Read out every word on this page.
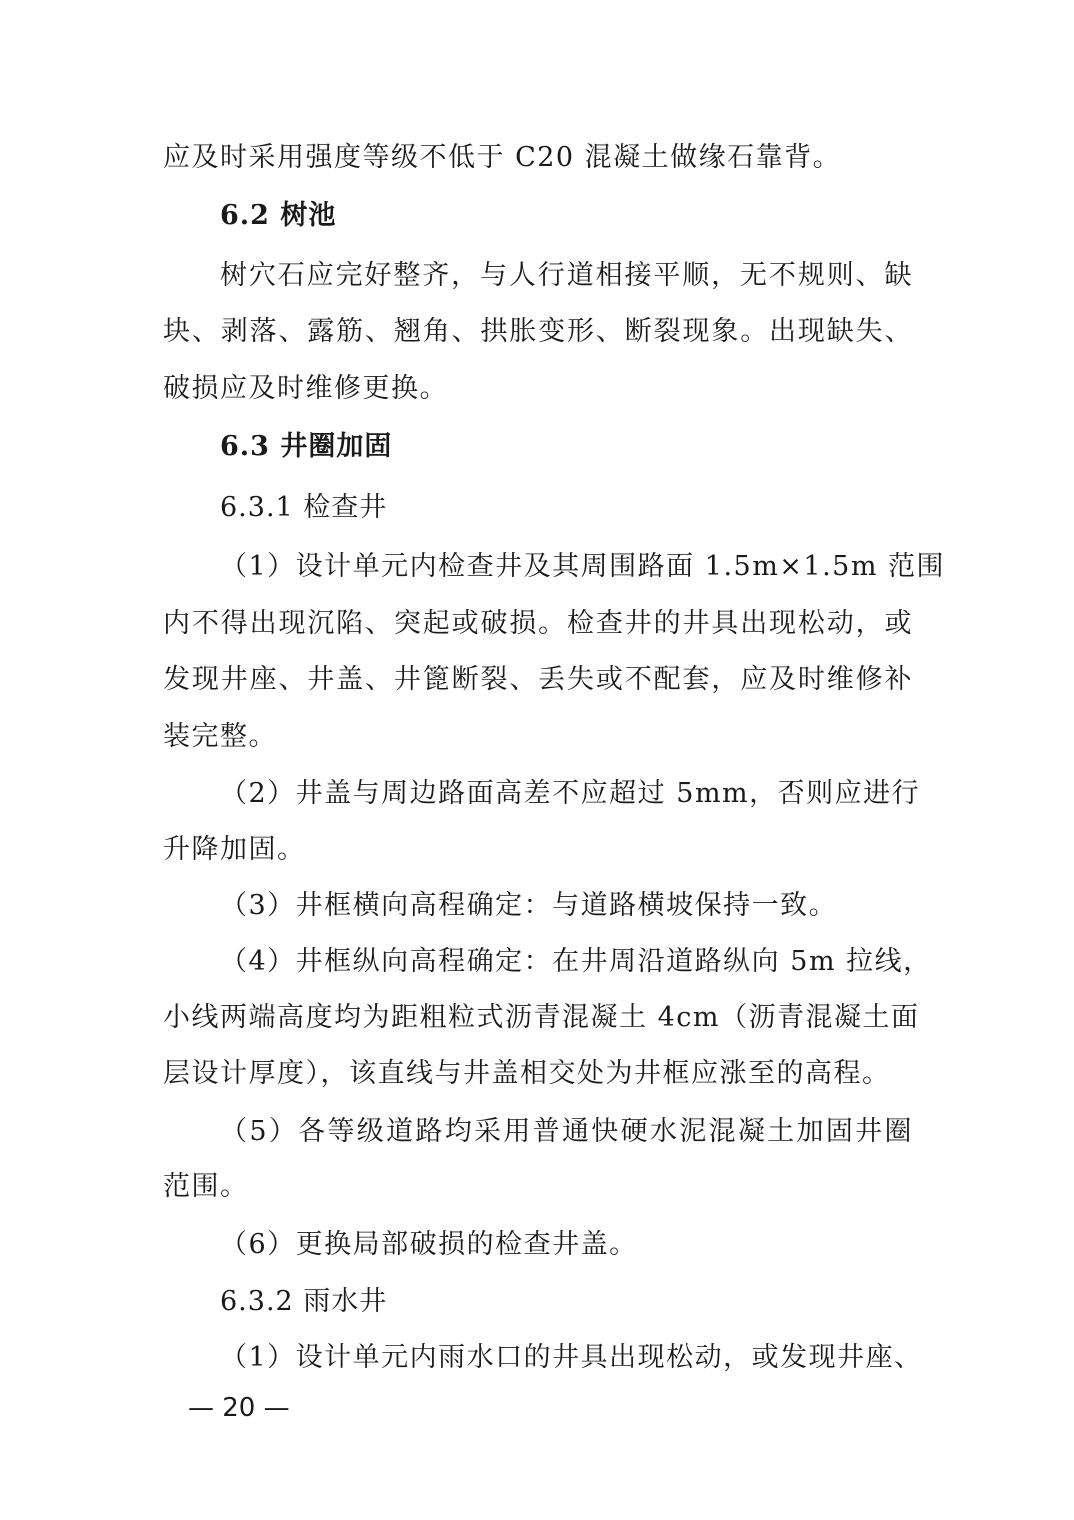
应及时采用强度等级不低于 C20 混凝土做缘石靠背。
6.2 树池
树穴石应完好整齐，与人行道相接平顺，无不规则、缺
块、剥落、露筋、翘角、拱胀变形、断裂现象。出现缺失、
破损应及时维修更换。
6.3 井圈加固
6.3.1 检查井
（1）设计单元内检查井及其周围路面 1.5m×1.5m 范围
内不得出现沉陷、突起或破损。检查井的井具出现松动，或
发现井座、井盖、井篦断裂、丢失或不配套，应及时维修补
装完整。
（2）井盖与周边路面高差不应超过 5mm，否则应进行
升降加固。
（3）井框横向高程确定：与道路横坡保持一致。
（4）井框纵向高程确定：在井周沿道路纵向 5m 拉线，
小线两端高度均为距粗粒式沥青混凝土 4cm（沥青混凝土面
层设计厚度），该直线与井盖相交处为井框应涨至的高程。
（5）各等级道路均采用普通快硬水泥混凝土加固井圈
范围。
（6）更换局部破损的检查井盖。
6.3.2 雨水井
（1）设计单元内雨水口的井具出现松动，或发现井座、
— 20 —
